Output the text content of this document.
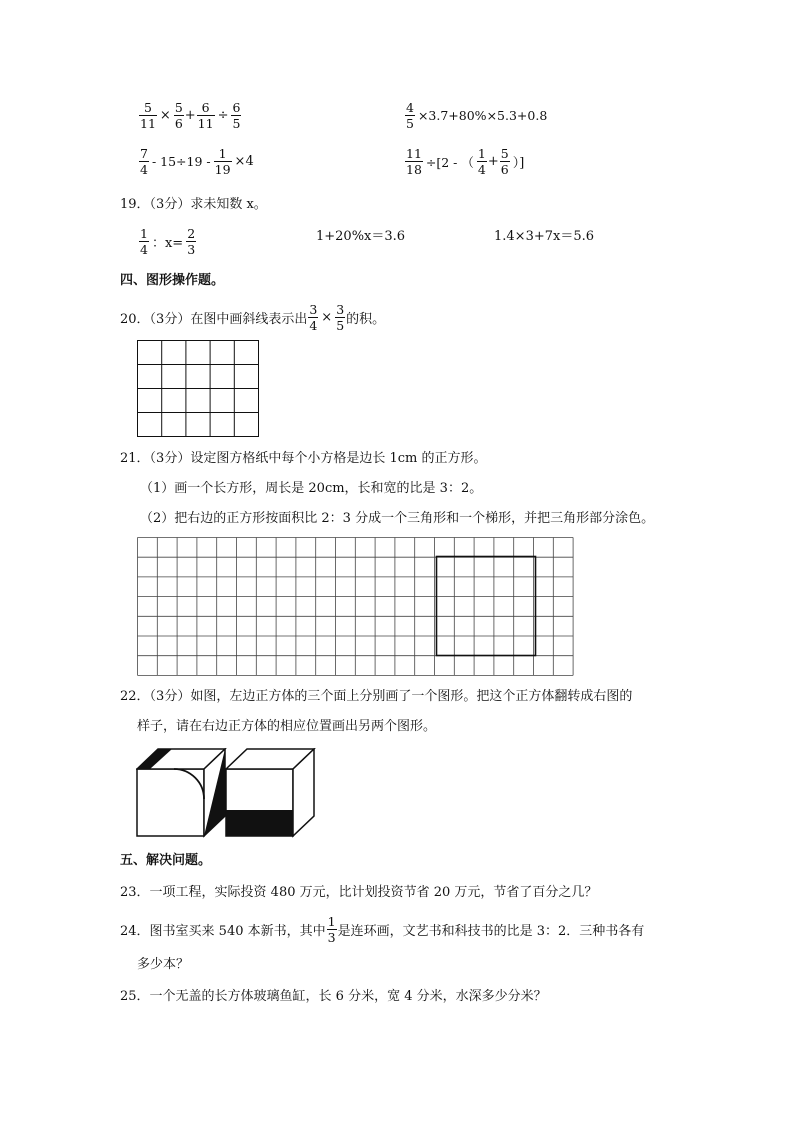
$\frac{5}{11} \times \frac{5}{6} + \frac{6}{11} \div \frac{6}{5}$	$\frac{4}{5} \times 3.7+80\%\times 5.3+0.8$
$\frac{7}{4} - 15\div 19 - \frac{1}{19} \times 4$	$\frac{11}{18} \div[2$ - （ $\frac{1}{4} + \frac{5}{6}$ ）]
19．（3分）求未知数 x。
$\frac{1}{4}$ ：$x= \frac{2}{3}$	1+20%x＝3.6	1.4×3+7x＝5.6
四、图形操作题。
20．（3分）在图中画斜线表示出 $\frac{3}{4} \times \frac{3}{5}$ 的积。
21．（3分）设定图方格纸中每个小方格是边长 1cm 的正方形。
（1）画一个长方形，周长是 20cm，长和宽的比是 3：2。
（2）把右边的正方形按面积比 2：3 分成一个三角形和一个梯形，并把三角形部分涂色。
22．（3分）如图，左边正方体的三个面上分别画了一个图形。把这个正方体翻转成右图的
样子，请在右边正方体的相应位置画出另两个图形。
五、解决问题。
23．一项工程，实际投资 480 万元，比计划投资节省 20 万元，节省了百分之几？
24．图书室买来 540 本新书，其中 $\frac{1}{3}$ 是连环画，文艺书和科技书的比是 3：2．三种书各有
多少本？
25．一个无盖的长方体玻璃鱼缸，长 6 分米，宽 4 分米，水深多少分米？
